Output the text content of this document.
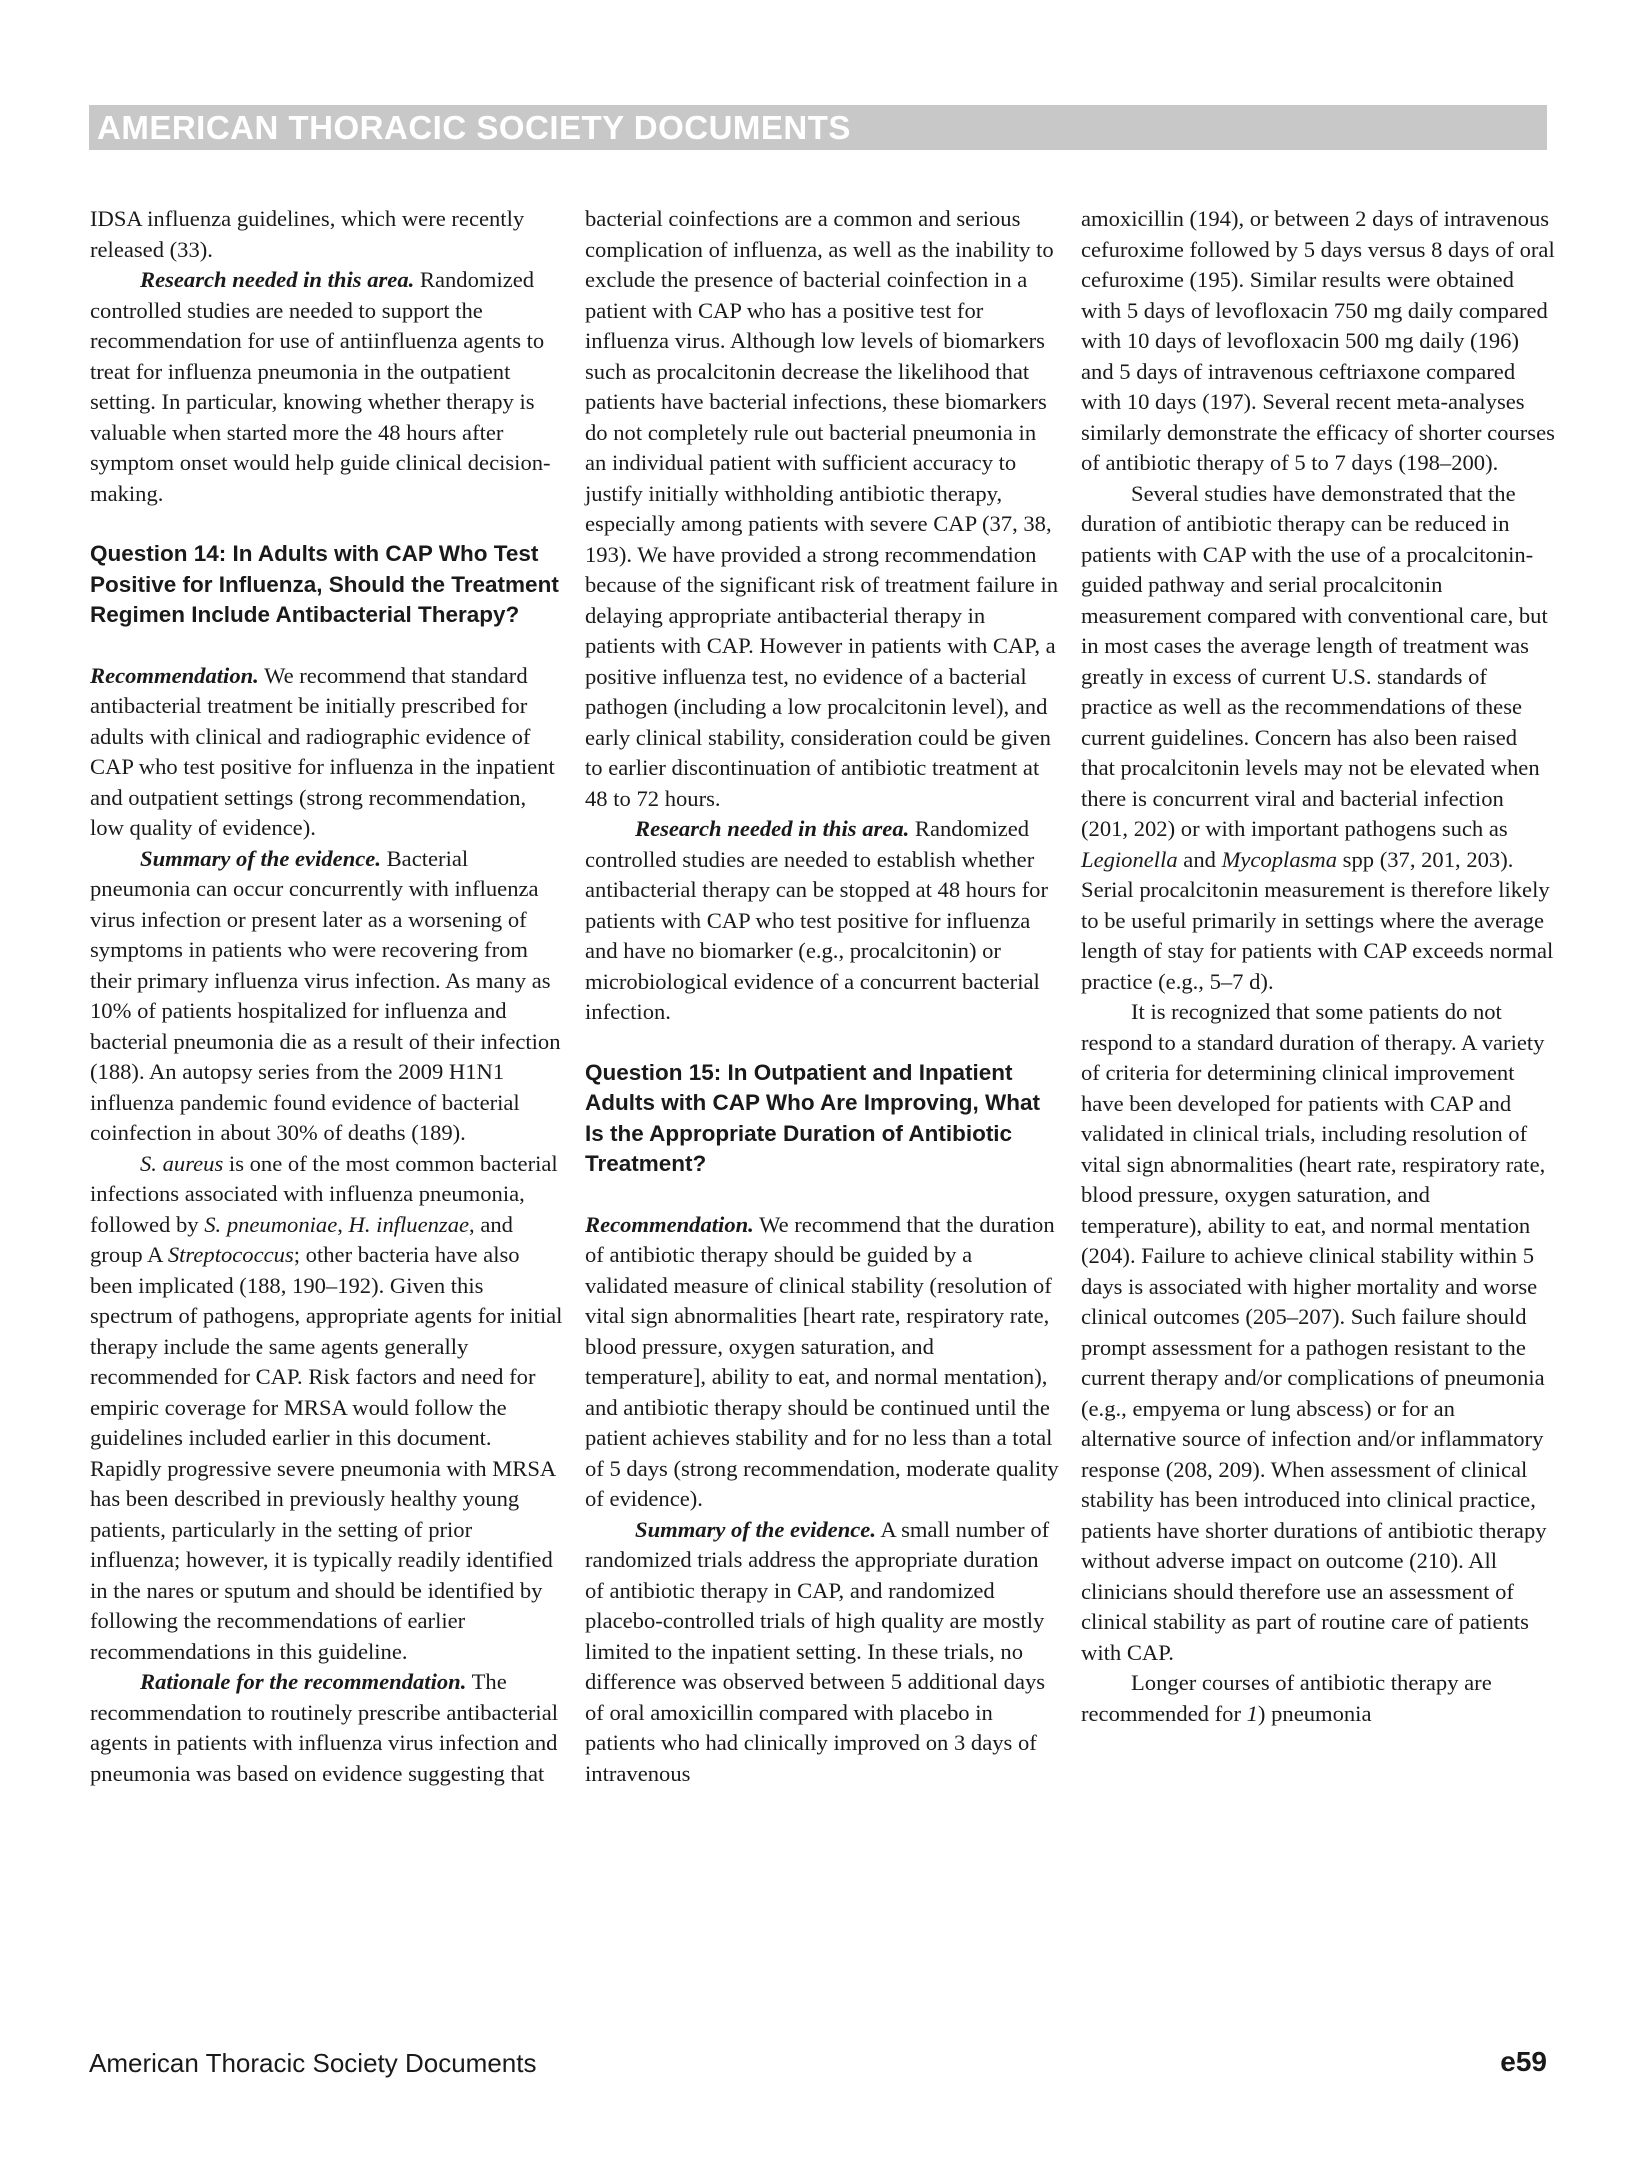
AMERICAN THORACIC SOCIETY DOCUMENTS

IDSA influenza guidelines, which were recently released (33).

Research needed in this area. Randomized controlled studies are needed to support the recommendation for use of antiinfluenza agents to treat for influenza pneumonia in the outpatient setting. In particular, knowing whether therapy is valuable when started more the 48 hours after symptom onset would help guide clinical decision-making.

Question 14: In Adults with CAP Who Test Positive for Influenza, Should the Treatment Regimen Include Antibacterial Therapy?

Recommendation. We recommend that standard antibacterial treatment be initially prescribed for adults with clinical and radiographic evidence of CAP who test positive for influenza in the inpatient and outpatient settings (strong recommendation, low quality of evidence).

Summary of the evidence. Bacterial pneumonia can occur concurrently with influenza virus infection or present later as a worsening of symptoms in patients who were recovering from their primary influenza virus infection. As many as 10% of patients hospitalized for influenza and bacterial pneumonia die as a result of their infection (188). An autopsy series from the 2009 H1N1 influenza pandemic found evidence of bacterial coinfection in about 30% of deaths (189).

S. aureus is one of the most common bacterial infections associated with influenza pneumonia, followed by S. pneumoniae, H. influenzae, and group A Streptococcus; other bacteria have also been implicated (188, 190–192). Given this spectrum of pathogens, appropriate agents for initial therapy include the same agents generally recommended for CAP. Risk factors and need for empiric coverage for MRSA would follow the guidelines included earlier in this document. Rapidly progressive severe pneumonia with MRSA has been described in previously healthy young patients, particularly in the setting of prior influenza; however, it is typically readily identified in the nares or sputum and should be identified by following the recommendations of earlier recommendations in this guideline.

Rationale for the recommendation. The recommendation to routinely prescribe antibacterial agents in patients with influenza virus infection and pneumonia was based on evidence suggesting that

bacterial coinfections are a common and serious complication of influenza, as well as the inability to exclude the presence of bacterial coinfection in a patient with CAP who has a positive test for influenza virus. Although low levels of biomarkers such as procalcitonin decrease the likelihood that patients have bacterial infections, these biomarkers do not completely rule out bacterial pneumonia in an individual patient with sufficient accuracy to justify initially withholding antibiotic therapy, especially among patients with severe CAP (37, 38, 193). We have provided a strong recommendation because of the significant risk of treatment failure in delaying appropriate antibacterial therapy in patients with CAP. However in patients with CAP, a positive influenza test, no evidence of a bacterial pathogen (including a low procalcitonin level), and early clinical stability, consideration could be given to earlier discontinuation of antibiotic treatment at 48 to 72 hours.

Research needed in this area. Randomized controlled studies are needed to establish whether antibacterial therapy can be stopped at 48 hours for patients with CAP who test positive for influenza and have no biomarker (e.g., procalcitonin) or microbiological evidence of a concurrent bacterial infection.

Question 15: In Outpatient and Inpatient Adults with CAP Who Are Improving, What Is the Appropriate Duration of Antibiotic Treatment?

Recommendation. We recommend that the duration of antibiotic therapy should be guided by a validated measure of clinical stability (resolution of vital sign abnormalities [heart rate, respiratory rate, blood pressure, oxygen saturation, and temperature], ability to eat, and normal mentation), and antibiotic therapy should be continued until the patient achieves stability and for no less than a total of 5 days (strong recommendation, moderate quality of evidence).

Summary of the evidence. A small number of randomized trials address the appropriate duration of antibiotic therapy in CAP, and randomized placebo-controlled trials of high quality are mostly limited to the inpatient setting. In these trials, no difference was observed between 5 additional days of oral amoxicillin compared with placebo in patients who had clinically improved on 3 days of intravenous

amoxicillin (194), or between 2 days of intravenous cefuroxime followed by 5 days versus 8 days of oral cefuroxime (195). Similar results were obtained with 5 days of levofloxacin 750 mg daily compared with 10 days of levofloxacin 500 mg daily (196) and 5 days of intravenous ceftriaxone compared with 10 days (197). Several recent meta-analyses similarly demonstrate the efficacy of shorter courses of antibiotic therapy of 5 to 7 days (198–200).

Several studies have demonstrated that the duration of antibiotic therapy can be reduced in patients with CAP with the use of a procalcitonin-guided pathway and serial procalcitonin measurement compared with conventional care, but in most cases the average length of treatment was greatly in excess of current U.S. standards of practice as well as the recommendations of these current guidelines. Concern has also been raised that procalcitonin levels may not be elevated when there is concurrent viral and bacterial infection (201, 202) or with important pathogens such as Legionella and Mycoplasma spp (37, 201, 203). Serial procalcitonin measurement is therefore likely to be useful primarily in settings where the average length of stay for patients with CAP exceeds normal practice (e.g., 5–7 d).

It is recognized that some patients do not respond to a standard duration of therapy. A variety of criteria for determining clinical improvement have been developed for patients with CAP and validated in clinical trials, including resolution of vital sign abnormalities (heart rate, respiratory rate, blood pressure, oxygen saturation, and temperature), ability to eat, and normal mentation (204). Failure to achieve clinical stability within 5 days is associated with higher mortality and worse clinical outcomes (205–207). Such failure should prompt assessment for a pathogen resistant to the current therapy and/or complications of pneumonia (e.g., empyema or lung abscess) or for an alternative source of infection and/or inflammatory response (208, 209). When assessment of clinical stability has been introduced into clinical practice, patients have shorter durations of antibiotic therapy without adverse impact on outcome (210). All clinicians should therefore use an assessment of clinical stability as part of routine care of patients with CAP.

Longer courses of antibiotic therapy are recommended for 1) pneumonia

American Thoracic Society Documents	e59
